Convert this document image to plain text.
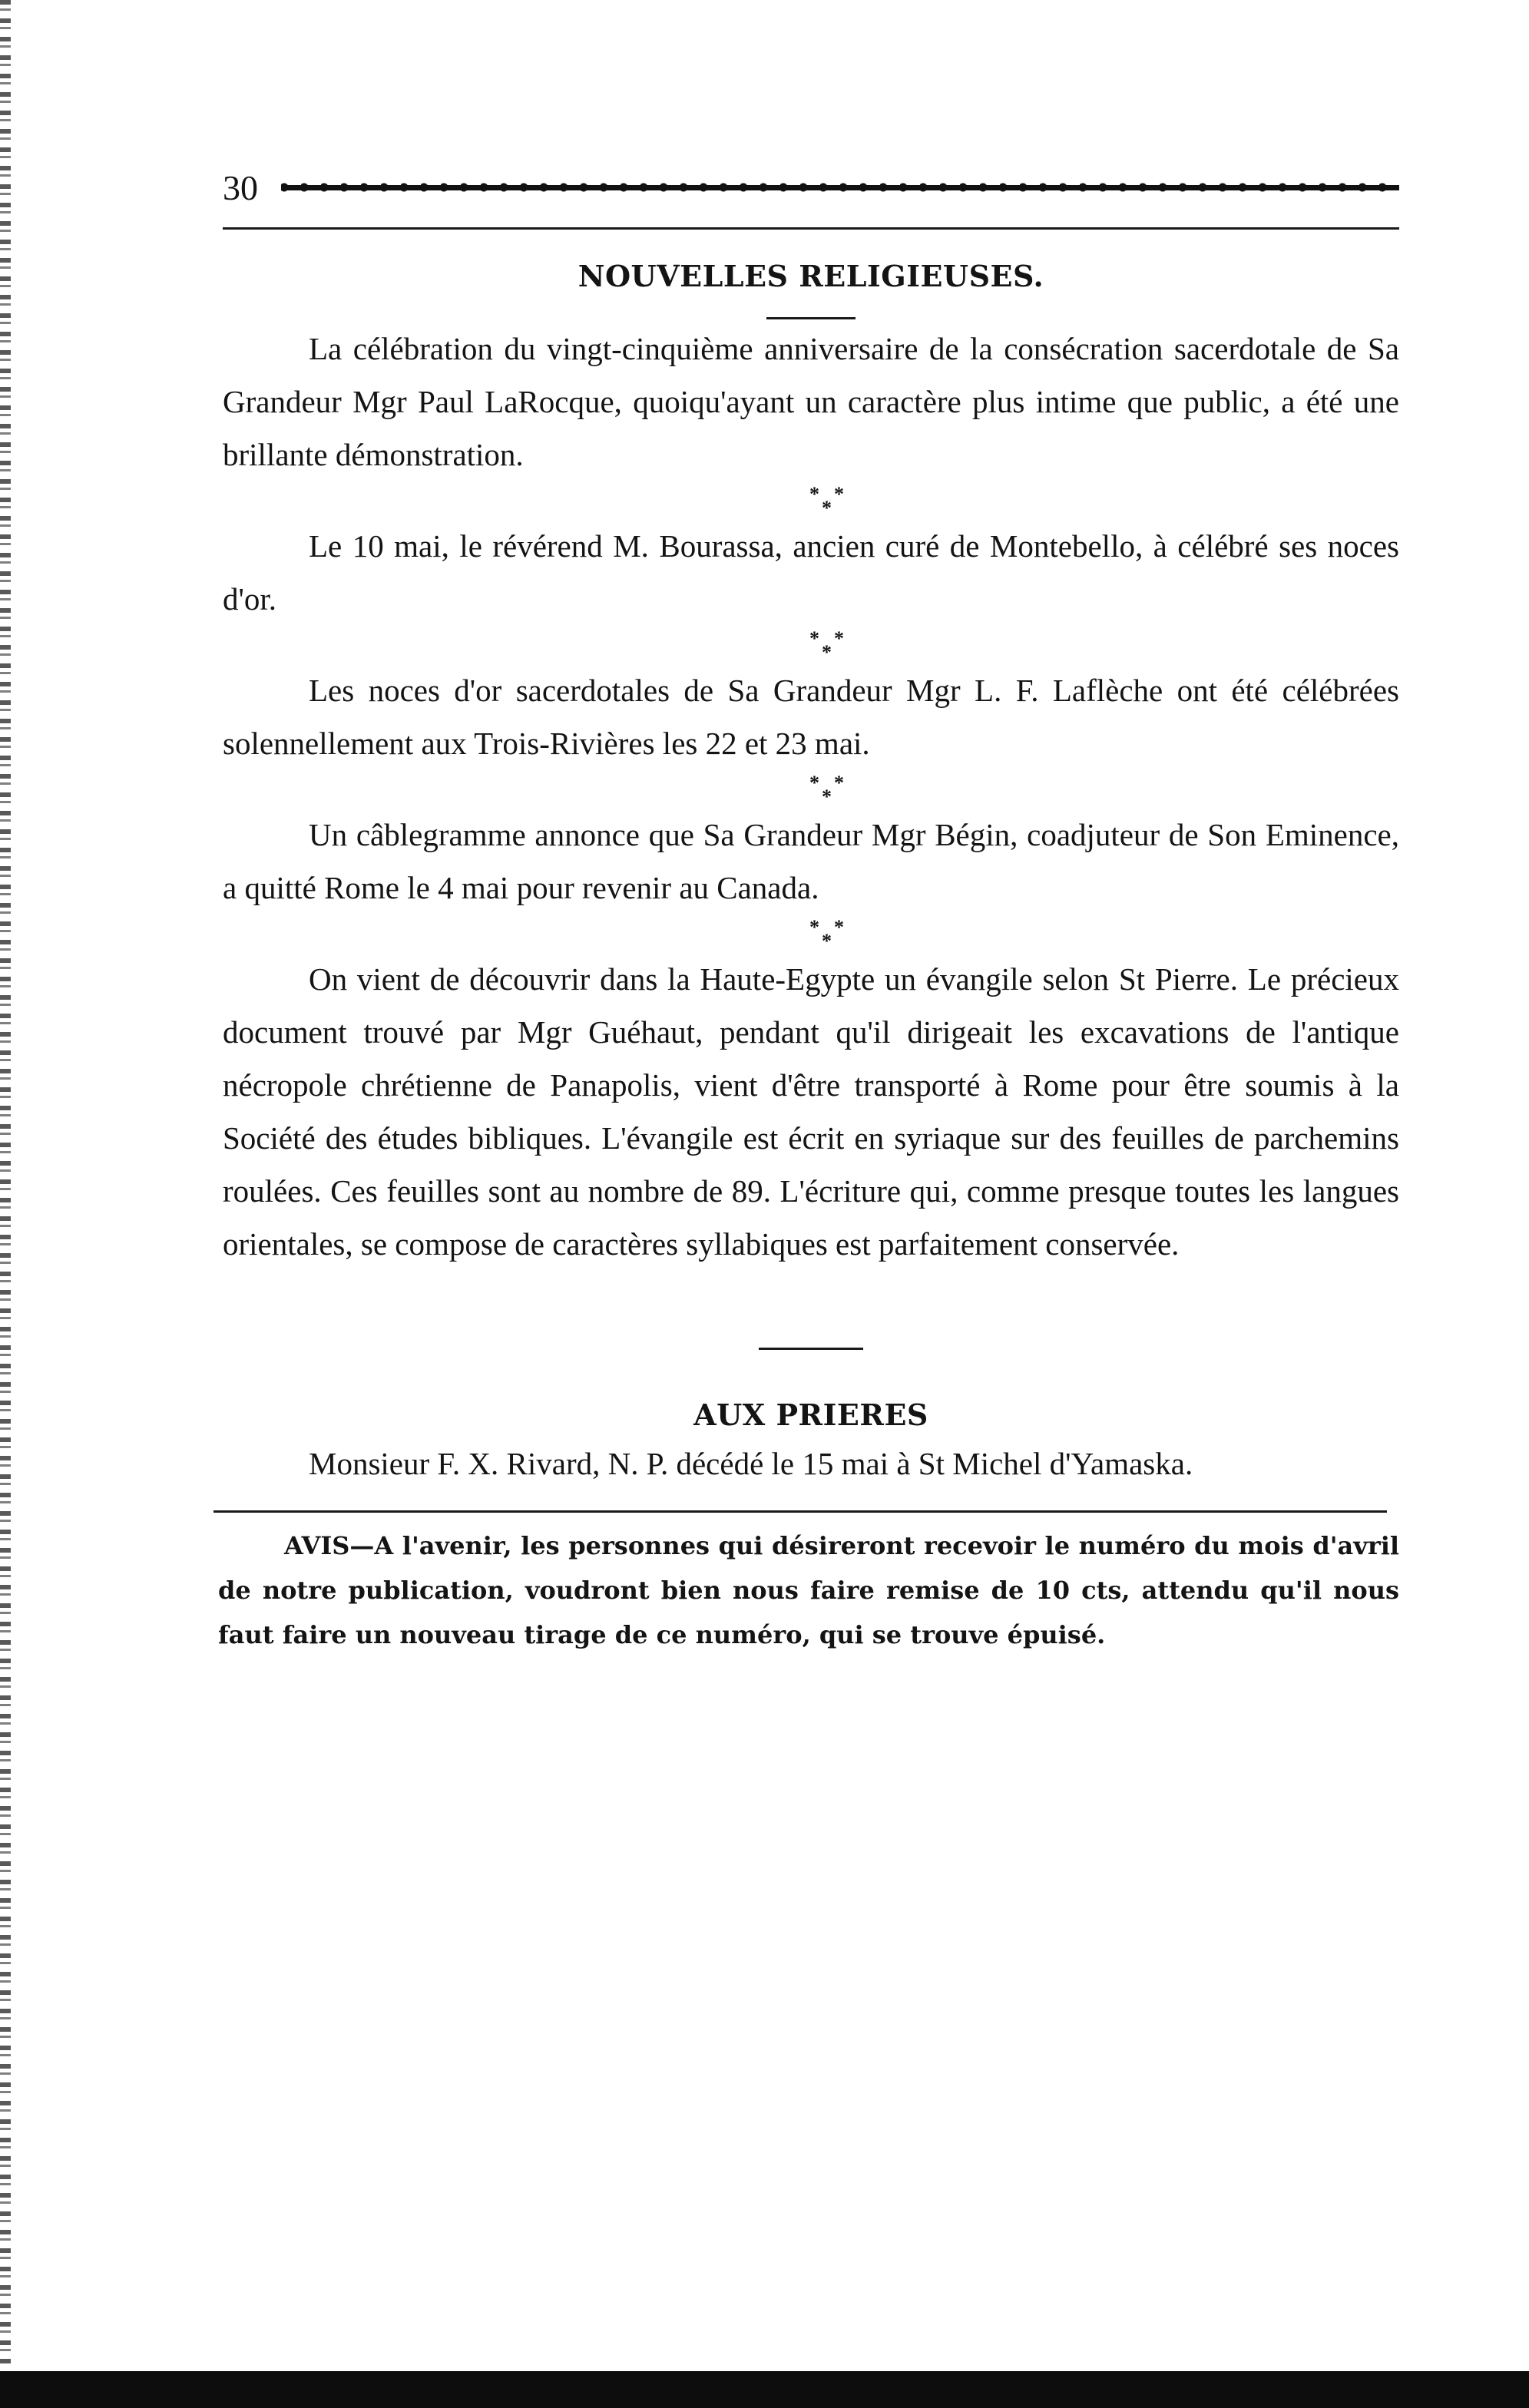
30
NOUVELLES RELIGIEUSES.

La célébration du vingt-cinquième anniversaire de la consécration sacerdotale de Sa Grandeur Mgr Paul LaRocque, quoiqu'ayant un caractère plus intime que public, a été une brillante démonstration.

* *
*

Le 10 mai, le révérend M. Bourassa, ancien curé de Montebello, à célébré ses noces d'or.

* *
*

Les noces d'or sacerdotales de Sa Grandeur Mgr L. F. Laflèche ont été célébrées solennellement aux Trois-Rivières les 22 et 23 mai.

* *
*

Un câblegramme annonce que Sa Grandeur Mgr Bégin, coadjuteur de Son Eminence, a quitté Rome le 4 mai pour revenir au Canada.

* *
*

On vient de découvrir dans la Haute-Egypte un évangile selon St Pierre. Le précieux document trouvé par Mgr Guéhaut, pendant qu'il dirigeait les excavations de l'antique nécropole chrétienne de Panapolis, vient d'être transporté à Rome pour être soumis à la Société des études bibliques. L'évangile est écrit en syriaque sur des feuilles de parchemins roulées. Ces feuilles sont au nombre de 89. L'écriture qui, comme presque toutes les langues orientales, se compose de caractères syllabiques est parfaitement conservée.

AUX PRIERES

Monsieur F. X. Rivard, N. P. décédé le 15 mai à St Michel d'Yamaska.

AVIS—A l'avenir, les personnes qui désireront recevoir le numéro du mois d'avril de notre publication, voudront bien nous faire remise de 10 cts, attendu qu'il nous faut faire un nouveau tirage de ce numéro, qui se trouve épuisé.
